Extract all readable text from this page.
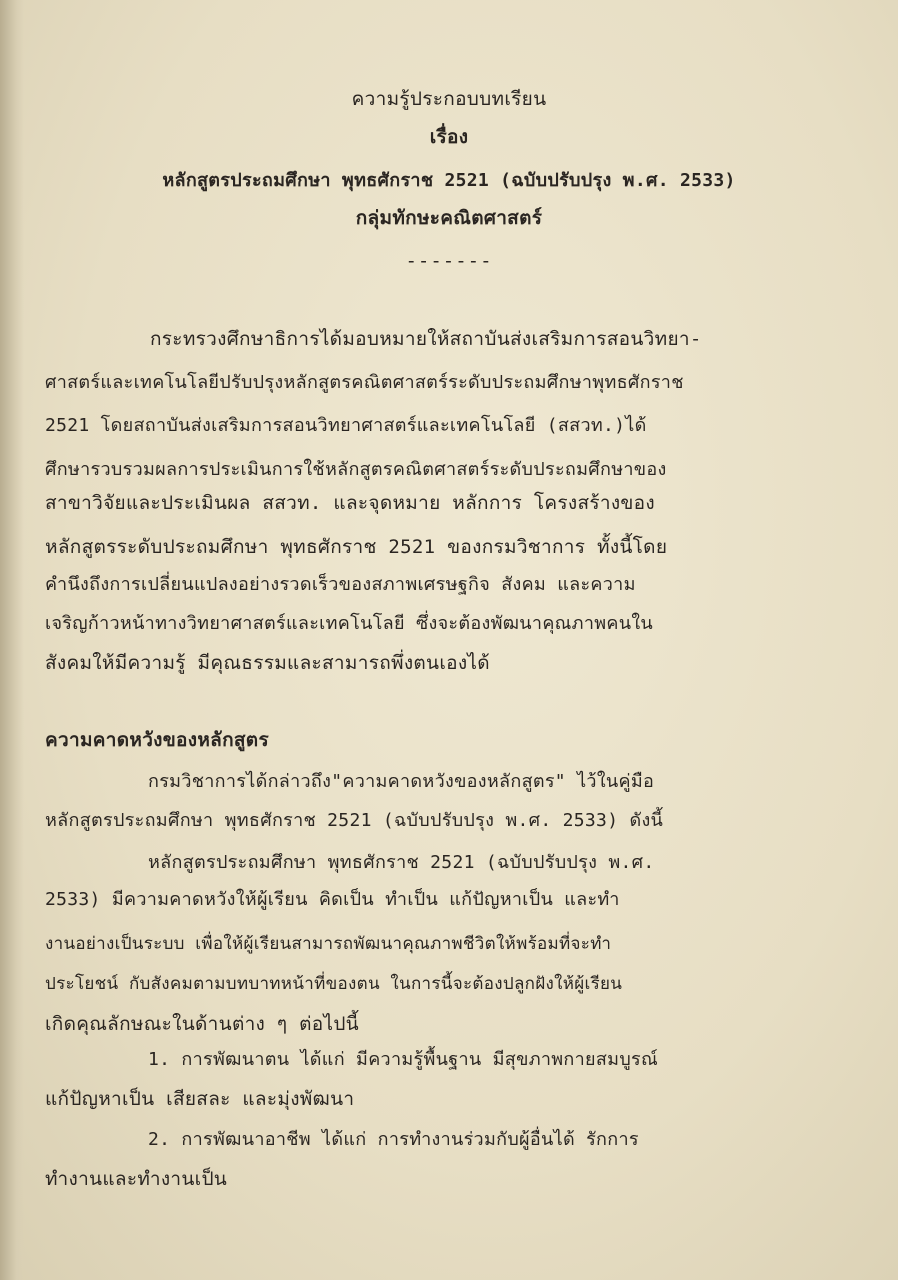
ความรู้ประกอบบทเรียน
เรื่อง
หลักสูตรประถมศึกษา พุทธศักราช 2521 (ฉบับปรับปรุง พ.ศ. 2533)
กลุ่มทักษะคณิตศาสตร์
-------
กระทรวงศึกษาธิการได้มอบหมายให้สถาบันส่งเสริมการสอนวิทยา-
ศาสตร์และเทคโนโลยีปรับปรุงหลักสูตรคณิตศาสตร์ระดับประถมศึกษาพุทธศักราช
2521 โดยสถาบันส่งเสริมการสอนวิทยาศาสตร์และเทคโนโลยี (สสวท.)ได้
ศึกษารวบรวมผลการประเมินการใช้หลักสูตรคณิตศาสตร์ระดับประถมศึกษาของ
สาขาวิจัยและประเมินผล สสวท. และจุดหมาย หลักการ โครงสร้างของ
หลักสูตรระดับประถมศึกษา พุทธศักราช 2521 ของกรมวิชาการ ทั้งนี้โดย
คำนึงถึงการเปลี่ยนแปลงอย่างรวดเร็วของสภาพเศรษฐกิจ สังคม และความ
เจริญก้าวหน้าทางวิทยาศาสตร์และเทคโนโลยี ซึ่งจะต้องพัฒนาคุณภาพคนใน
สังคมให้มีความรู้ มีคุณธรรมและสามารถพึ่งตนเองได้
ความคาดหวังของหลักสูตร
กรมวิชาการได้กล่าวถึง"ความคาดหวังของหลักสูตร" ไว้ในคู่มือ
หลักสูตรประถมศึกษา พุทธศักราช 2521 (ฉบับปรับปรุง พ.ศ. 2533) ดังนี้
หลักสูตรประถมศึกษา พุทธศักราช 2521 (ฉบับปรับปรุง พ.ศ.
2533) มีความคาดหวังให้ผู้เรียน คิดเป็น ทำเป็น แก้ปัญหาเป็น และทำ
งานอย่างเป็นระบบ เพื่อให้ผู้เรียนสามารถพัฒนาคุณภาพชีวิตให้พร้อมที่จะทำ
ประโยชน์ กับสังคมตามบทบาทหน้าที่ของตน ในการนี้จะต้องปลูกฝังให้ผู้เรียน
เกิดคุณลักษณะในด้านต่าง ๆ ต่อไปนี้
1. การพัฒนาตน ได้แก่ มีความรู้พื้นฐาน มีสุขภาพกายสมบูรณ์
แก้ปัญหาเป็น เสียสละ และมุ่งพัฒนา
2. การพัฒนาอาชีพ ได้แก่ การทำงานร่วมกับผู้อื่นได้ รักการ
ทำงานและทำงานเป็น
